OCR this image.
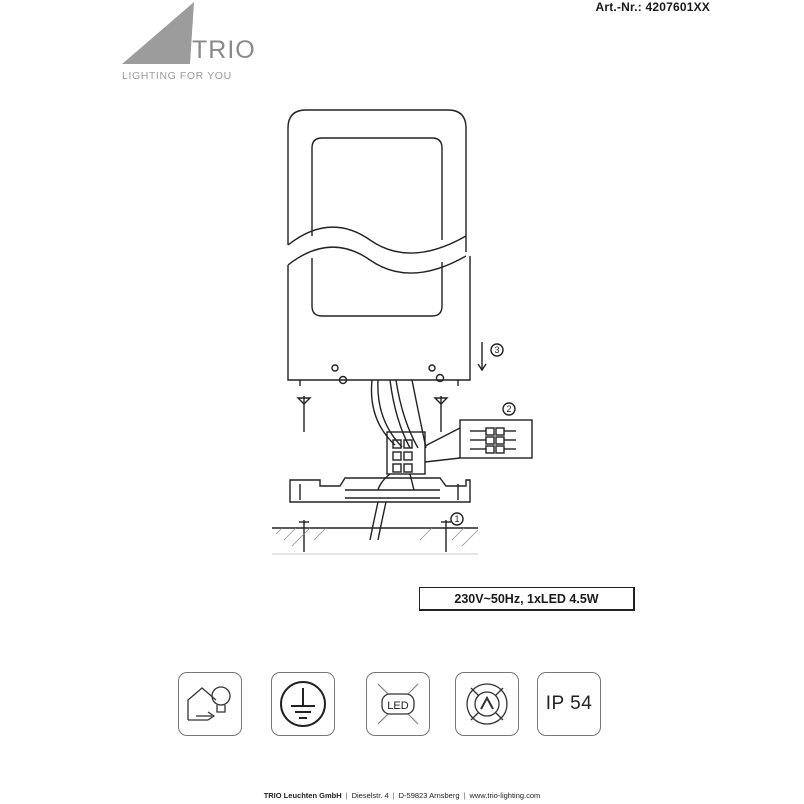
Art.-Nr.: 4207601XX
TRIO
LIGHTING FOR YOU
3
2
1
230V~50Hz, 1xLED 4.5W
LED	IP 54
TRIO Leuchten GmbH | Dieselstr. 4 | D-59823 Arnsberg | www.trio-lighting.com
